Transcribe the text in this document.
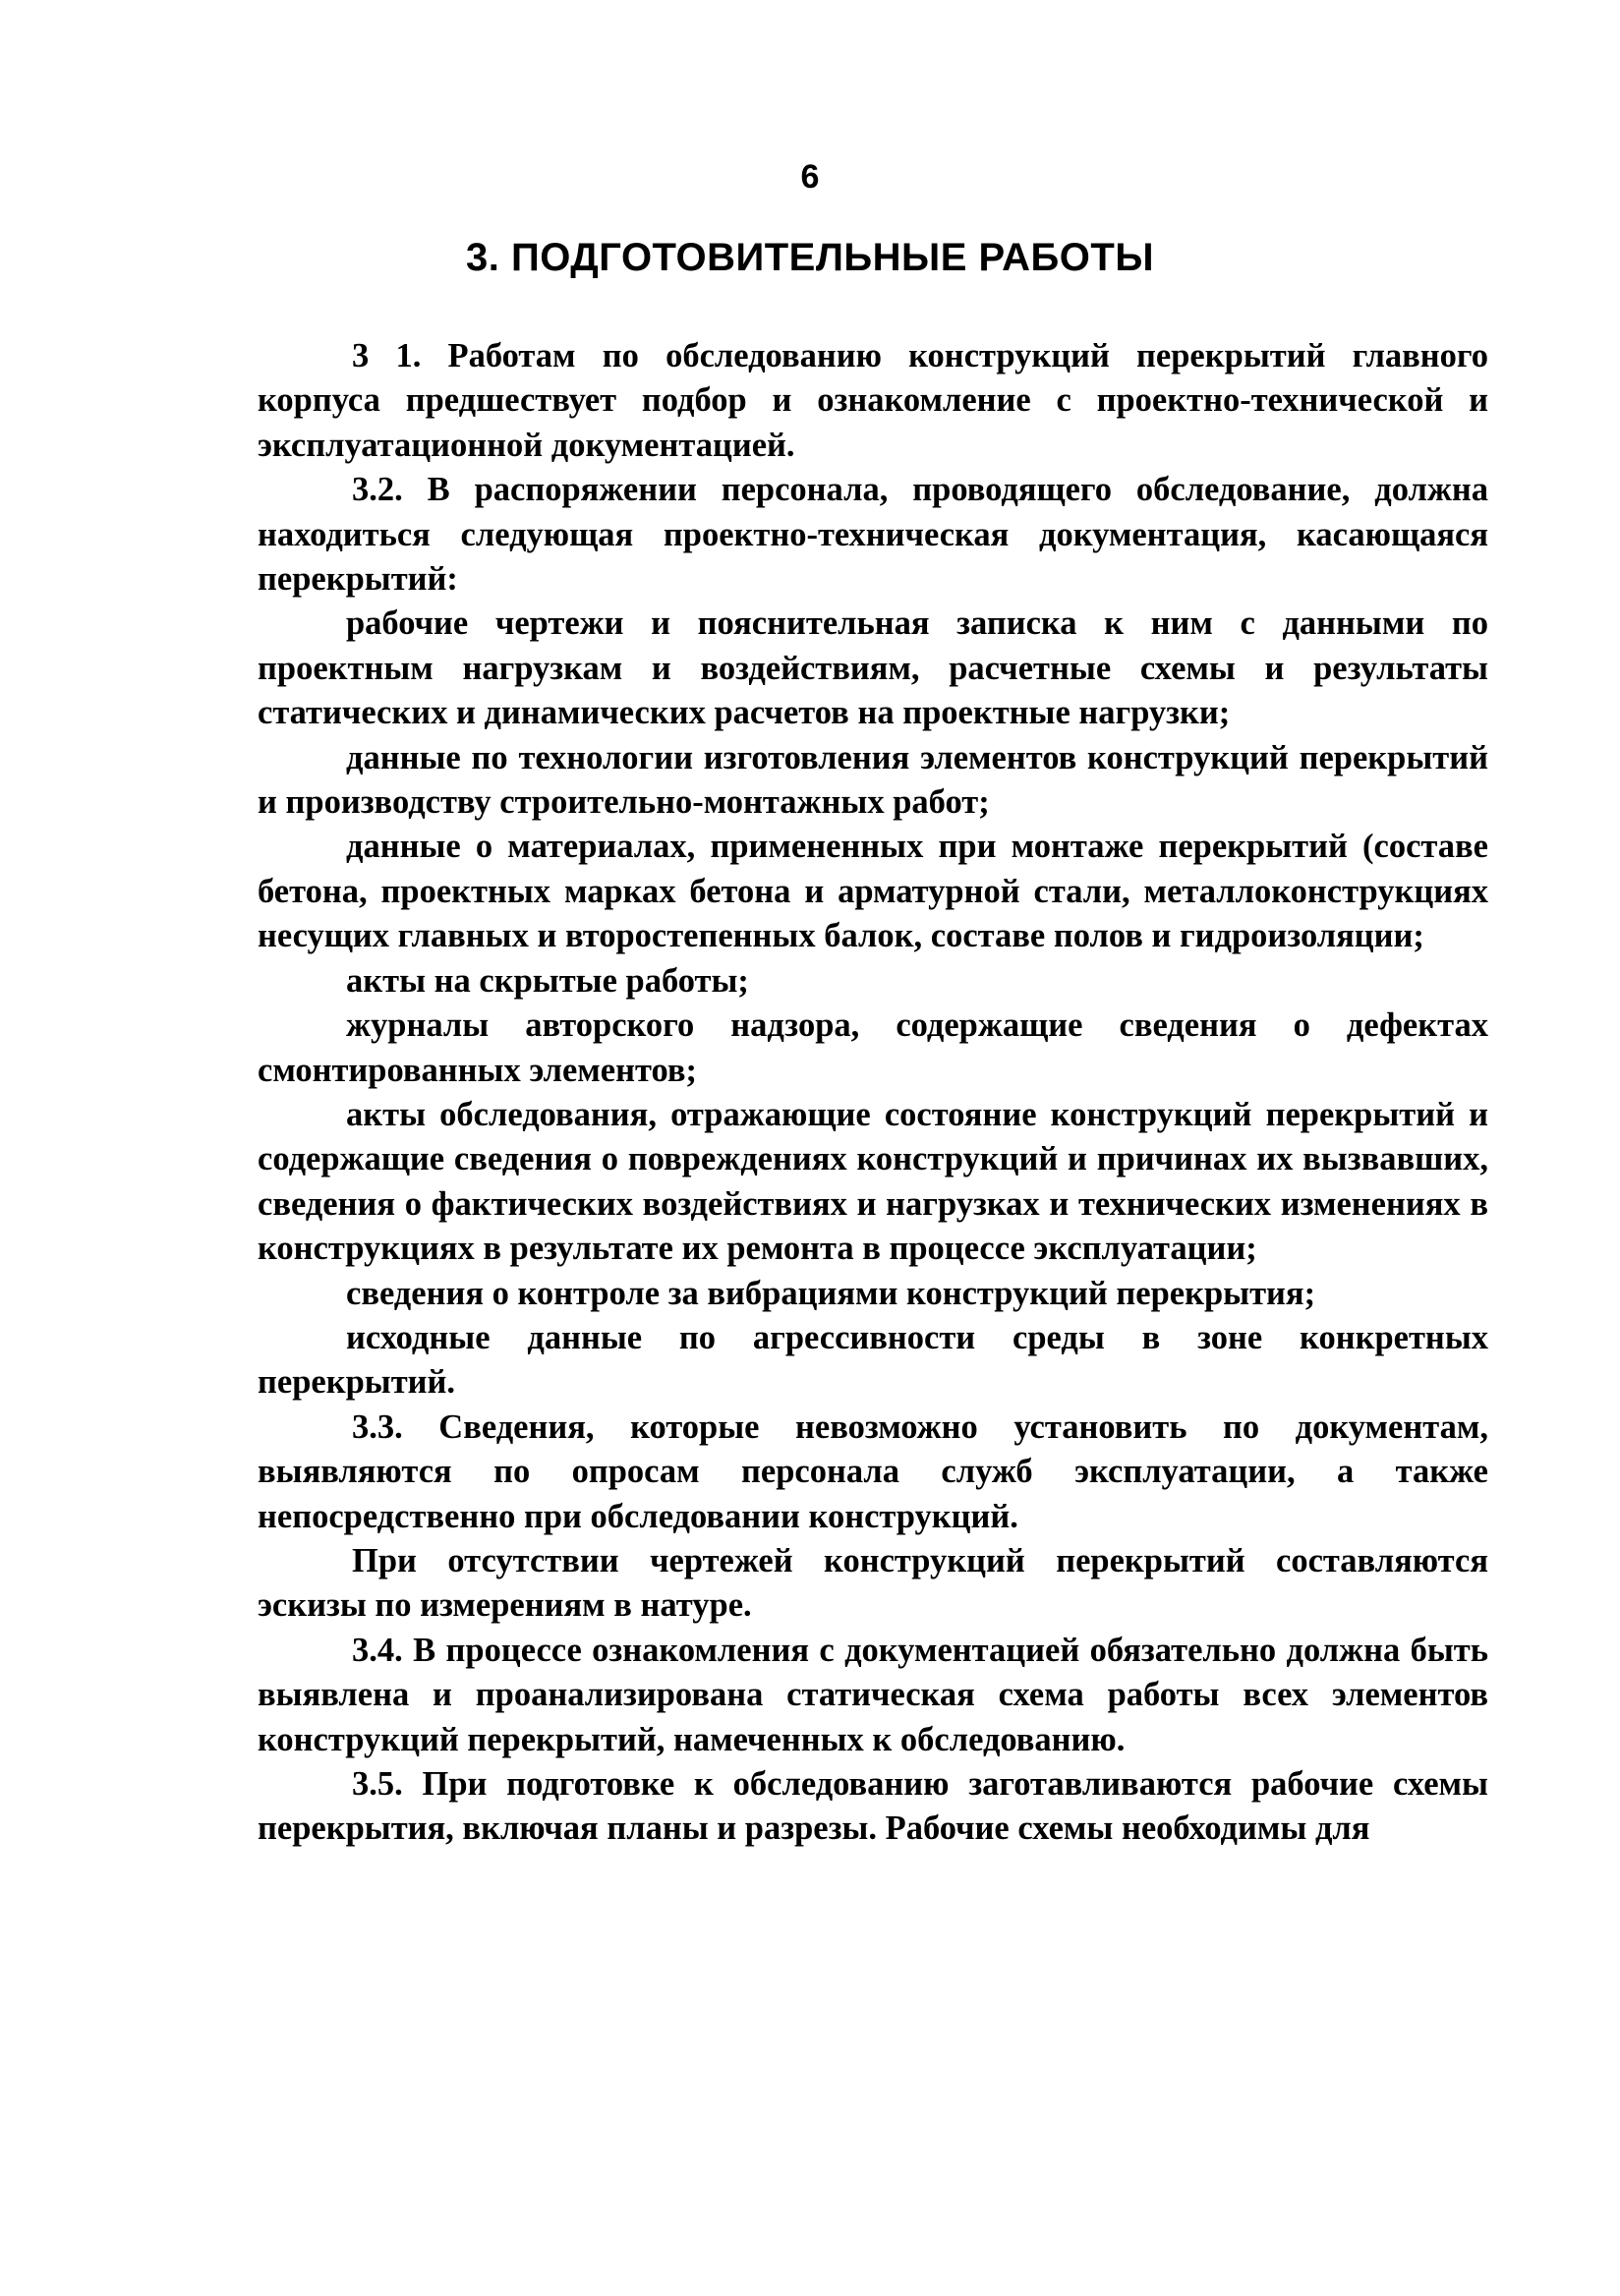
6
3. ПОДГОТОВИТЕЛЬНЫЕ РАБОТЫ

3 1. Работам по обследованию конструкций перекрытий главного корпуса предшествует подбор и ознакомление с проектно-технической и эксплуатационной документацией.

3.2. В распоряжении персонала, проводящего обследование, должна находиться следующая проектно-техническая документация, касающаяся перекрытий:

рабочие чертежи и пояснительная записка к ним с данными по проектным нагрузкам и воздействиям, расчетные схемы и результаты статических и динамических расчетов на проектные нагрузки;

данные по технологии изготовления элементов конструкций перекрытий и производству строительно-монтажных работ;

данные о материалах, примененных при монтаже перекрытий (составе бетона, проектных марках бетона и арматурной стали, металлоконструкциях несущих главных и второстепенных балок, составе полов и гидроизоляции;

акты на скрытые работы;

журналы авторского надзора, содержащие сведения о дефектах смонтированных элементов;

акты обследования, отражающие состояние конструкций перекрытий и содержащие сведения о повреждениях конструкций и причинах их вызвавших, сведения о фактических воздействиях и нагрузках и технических изменениях в конструкциях в результате их ремонта в процессе эксплуатации;

сведения о контроле за вибрациями конструкций перекрытия;

исходные данные по агрессивности среды в зоне конкретных перекрытий.

3.3. Сведения, которые невозможно установить по документам, выявляются по опросам персонала служб эксплуатации, а также непосредственно при обследовании конструкций.

При отсутствии чертежей конструкций перекрытий составляются эскизы по измерениям в натуре.

3.4. В процессе ознакомления с документацией обязательно должна быть выявлена и проанализирована статическая схема работы всех элементов конструкций перекрытий, намеченных к обследованию.

3.5. При подготовке к обследованию заготавливаются рабочие схемы перекрытия, включая планы и разрезы. Рабочие схемы необходимы для
